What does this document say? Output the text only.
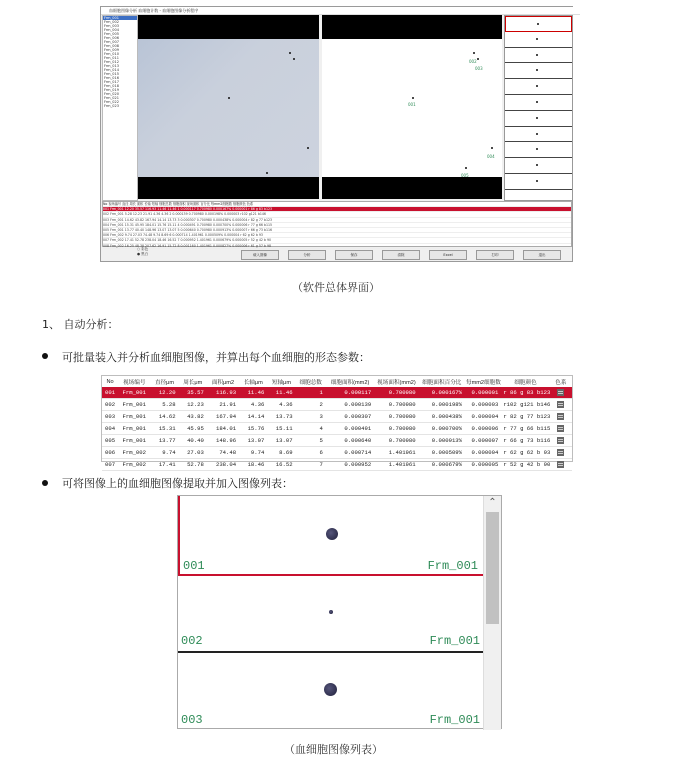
血细胞图像分析 血细胞计数 - 血细胞图像分析程序
Frm_001
Frm_002
Frm_003
Frm_004
Frm_005
Frm_006
Frm_007
Frm_008
Frm_009
Frm_010
Frm_011
Frm_012
Frm_013
Frm_014
Frm_015
Frm_016
Frm_017
Frm_018
Frm_019
Frm_020
Frm_021
Frm_022
Frm_023	001
002
003
004
005
No 视场编号 直径 周长 面积 长轴 短轴 细胞总数 细胞面积 视场面积 百分比 每mm2细胞数 细胞颜色 色系
001 Frm_001 12.20 35.57 116.93 11.46 11.46 1 0.000117 0.700980 0.000167% 0.000001 r 86 g 83 b123
002 Frm_001 5.28 12.23 21.91 4.36 4.36 2 0.000139 0.700980 0.000198% 0.000003 r102 g121 b146
003 Frm_001 14.62 43.82 167.94 14.14 13.73 3 0.000307 0.700980 0.000438% 0.000004 r 82 g 77 b123
004 Frm_001 15.31 45.95 184.01 15.76 15.11 4 0.000491 0.700980 0.000700% 0.000006 r 77 g 66 b115
005 Frm_001 13.77 40.40 148.96 13.07 13.07 5 0.000640 0.700980 0.000913% 0.000007 r 66 g 73 b116
006 Frm_002 9.74 27.03 74.48 9.74 8.69 6 0.000714 1.401961 0.000509% 0.000004 r 62 g 62 b 93
007 Frm_002 17.41 52.78 238.04 18.46 16.52 7 0.000952 1.401961 0.000679% 0.000005 r 52 g 42 b 90
008 Frm_002 16.25 48.38 207.62 16.91 15.72 8 0.001160 1.401961 0.000827% 0.000006 r 61 g 57 b 98
○ 彩色
● 黑白	载入图像	分析	保存	清除	Excel	打印	退出
（软件总体界面）
1、 自动分析：
可批量装入并分析血细胞图像，并算出每个血细胞的形态参数：
No	视场编号	直径μm	周长μm	面积μm2	长轴μm	短轴μm	细胞总数	细胞面积(mm2)	视场面积(mm2)	细胞面积百分比	每mm2细胞数	细胞颜色	色系
001	Frm_001	12.20	35.57	116.93	11.46	11.46	1	0.000117	0.700980	0.000167%	0.000001	r 86 g 83 b123	
002	Frm_001	5.28	12.23	21.91	4.36	4.36	2	0.000139	0.700980	0.000198%	0.000003	r102 g121 b146	
003	Frm_001	14.62	43.82	167.94	14.14	13.73	3	0.000307	0.700980	0.000438%	0.000004	r 82 g 77 b123	
004	Frm_001	15.31	45.95	184.01	15.76	15.11	4	0.000491	0.700980	0.000700%	0.000006	r 77 g 66 b115	
005	Frm_001	13.77	40.40	148.96	13.07	13.07	5	0.000640	0.700980	0.000913%	0.000007	r 66 g 73 b116	
006	Frm_002	9.74	27.03	74.48	9.74	8.69	6	0.000714	1.401961	0.000509%	0.000004	r 62 g 62 b 93	
007	Frm_002	17.41	52.78	238.04	18.46	16.52	7	0.000952	1.401961	0.000679%	0.000005	r 52 g 42 b 90	
可将图像上的血细胞图像提取并加入图像列表：
001	Frm_001
002	Frm_001
003	Frm_001
⌃
（血细胞图像列表）
